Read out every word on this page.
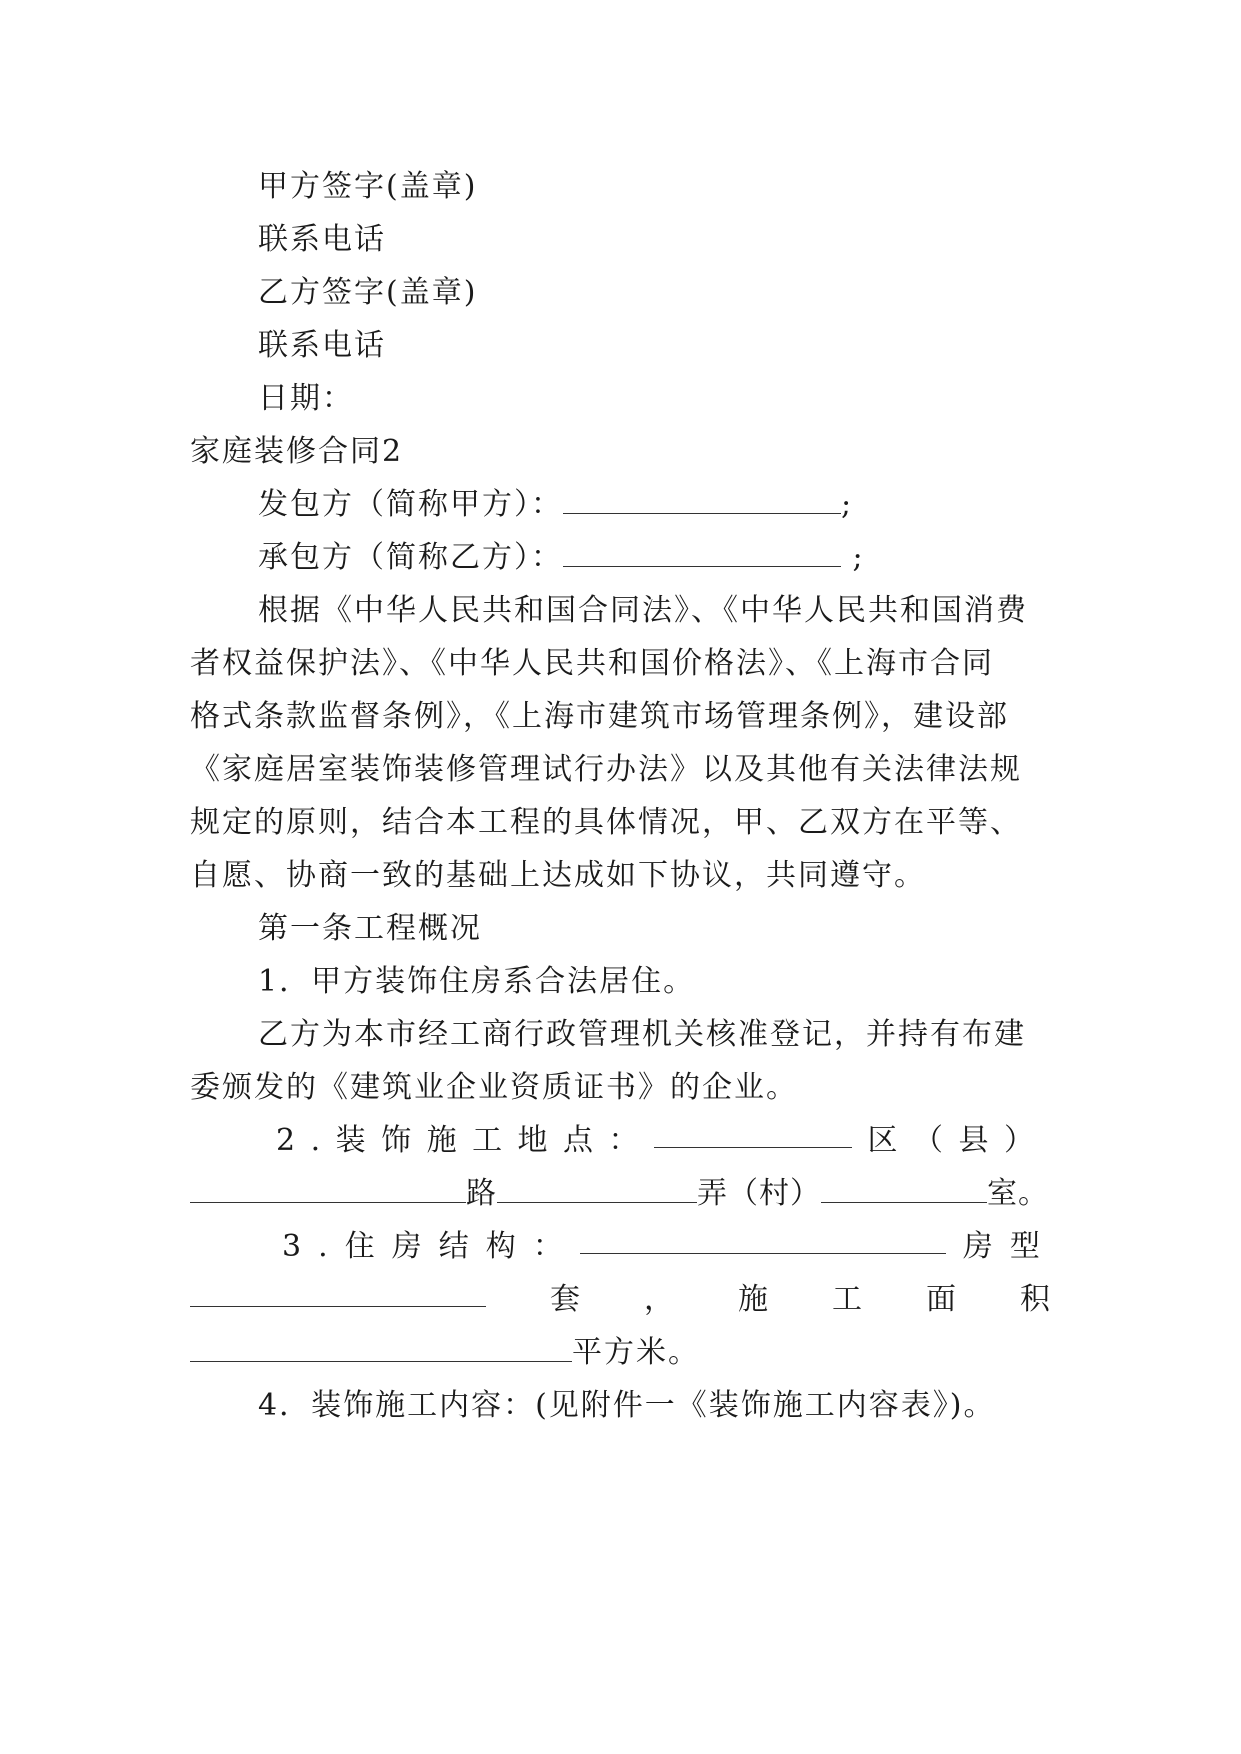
甲方签字(盖章)
联系电话
乙方签字(盖章)
联系电话
日期：
家庭装修合同2
发包方（简称甲方）：	;
承包方（简称乙方）：	;
根据《中华人民共和国合同法》、《中华人民共和国消费
者权益保护法》、《中华人民共和国价格法》、《上海市合同
格式条款监督条例》，《上海市建筑市场管理条例》，建设部
《家庭居室装饰装修管理试行办法》以及其他有关法律法规
规定的原则，结合本工程的具体情况，甲、乙双方在平等、
自愿、协商一致的基础上达成如下协议，共同遵守。
第一条工程概况
1．甲方装饰住房系合法居住。
乙方为本市经工商行政管理机关核准登记，并持有布建
委颁发的《建筑业企业资质证书》的企业。
2 . 装 饰 施 工 地 点 ：	区 （ 县 ）
路	弄（村）	室。
3 . 住 房 结 构 ：	房 型
套 ， 施 工 面 积
平方米。
4．装饰施工内容：(见附件一《装饰施工内容表》)。
